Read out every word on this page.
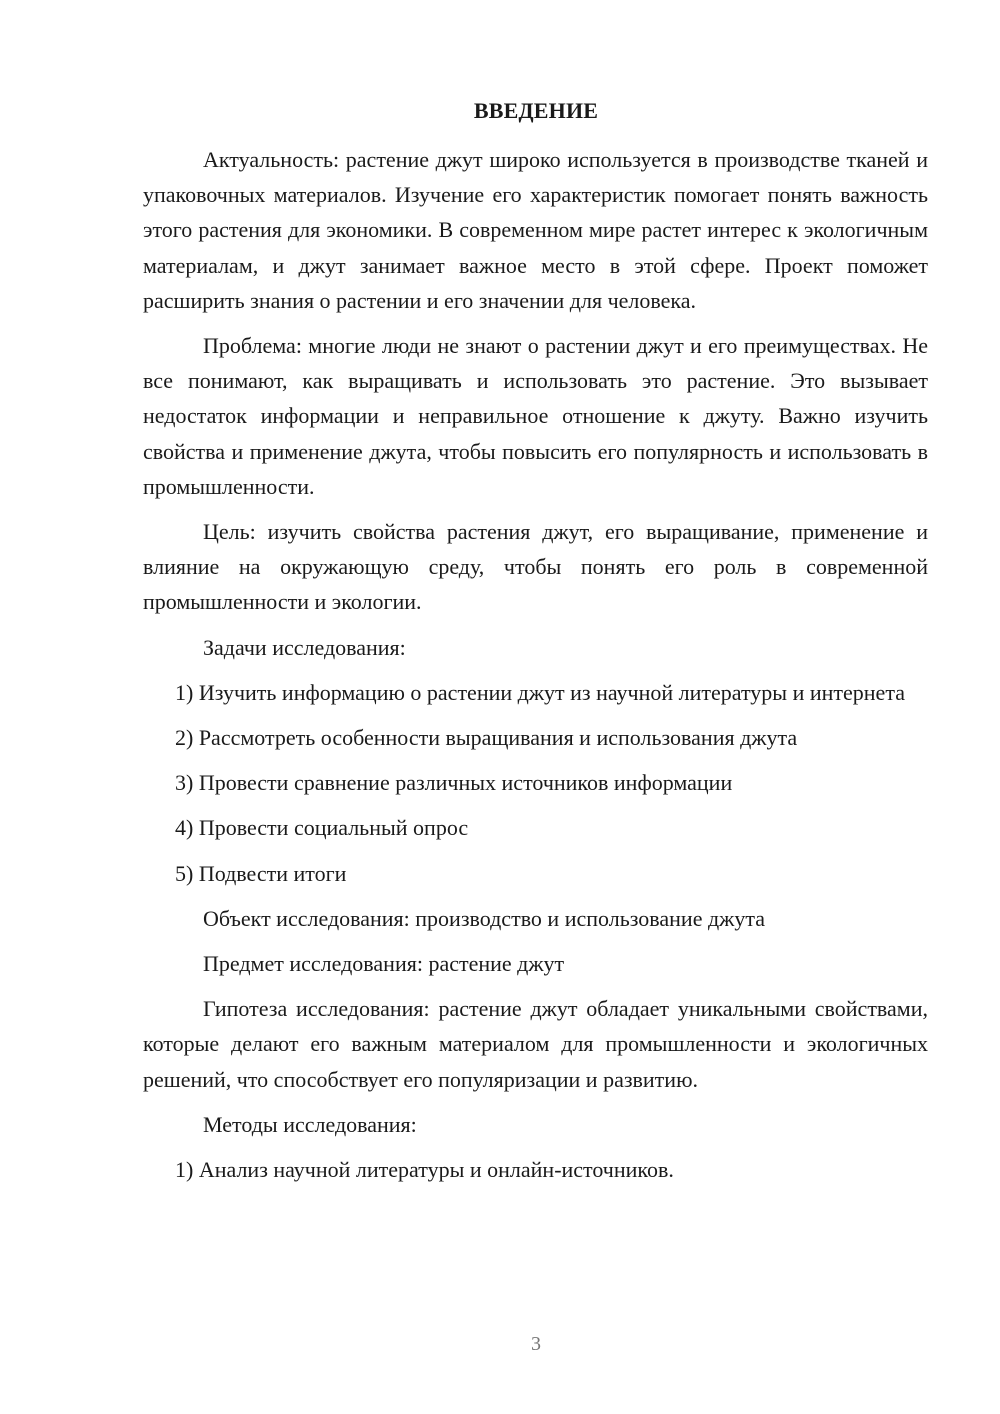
ВВЕДЕНИЕ

Актуальность: растение джут широко используется в производстве тканей и упаковочных материалов. Изучение его характеристик помогает понять важность этого растения для экономики. В современном мире растет интерес к экологичным материалам, и джут занимает важное место в этой сфере. Проект поможет расширить знания о растении и его значении для человека.

Проблема: многие люди не знают о растении джут и его преимуществах. Не все понимают, как выращивать и использовать это растение. Это вызывает недостаток информации и неправильное отношение к джуту. Важно изучить свойства и применение джута, чтобы повысить его популярность и использовать в промышленности.

Цель: изучить свойства растения джут, его выращивание, применение и влияние на окружающую среду, чтобы понять его роль в современной промышленности и экологии.

Задачи исследования:

1) Изучить информацию о растении джут из научной литературы и интернета

2) Рассмотреть особенности выращивания и использования джута

3) Провести сравнение различных источников информации

4) Провести социальный опрос

5) Подвести итоги

Объект исследования: производство и использование джута

Предмет исследования: растение джут

Гипотеза исследования: растение джут обладает уникальными свойствами, которые делают его важным материалом для промышленности и экологичных решений, что способствует его популяризации и развитию.

Методы исследования:

1) Анализ научной литературы и онлайн-источников.

3
